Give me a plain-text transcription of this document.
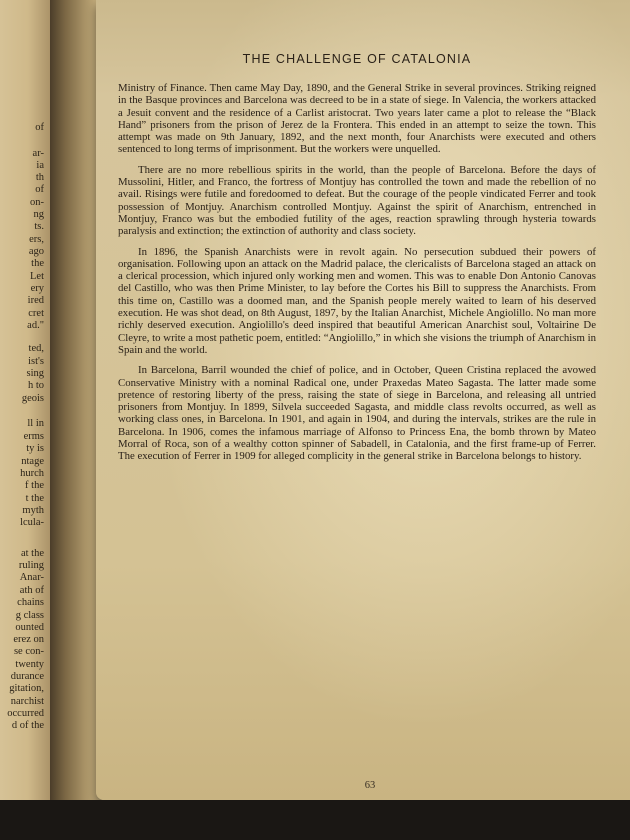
of
ar-
ia
th
of
on-
ng
ts.
ers,
ago
the
Let
ery
ired
cret
ad."
ted,
ist's
sing
h to
geois
ll in
erms
ty is
ntage
hurch
f the
t the
myth
lcula-
at the
ruling
Anar-
ath of
chains
g class
ounted
erez on
se con-
twenty
durance
gitation,
narchist
occurred
d of the
THE CHALLENGE OF CATALONIA

Ministry of Finance. Then came May Day, 1890, and the General Strike in several provinces. Striking reigned in the Basque provinces and Barcelona was decreed to be in a state of siege. In Valencia, the workers attacked a Jesuit convent and the residence of a Carlist aristocrat. Two years later came a plot to release the “Black Hand” prisoners from the prison of Jerez de la Frontera. This ended in an attempt to seize the town. This attempt was made on 9th January, 1892, and the next month, four Anarchists were executed and others sentenced to long terms of imprisonment. But the workers were unquelled.

There are no more rebellious spirits in the world, than the people of Barcelona. Before the days of Mussolini, Hitler, and Franco, the fortress of Montjuy has controlled the town and made the rebellion of no avail. Risings were futile and foredoomed to defeat. But the courage of the people vindicated Ferrer and took possession of Montjuy. Anarchism controlled Montjuy. Against the spirit of Anarchism, entrenched in Montjuy, Franco was but the embodied futility of the ages, reaction sprawling through hysteria towards paralysis and extinction; the extinction of authority and class society.

In 1896, the Spanish Anarchists were in revolt again. No persecution subdued their powers of organisation. Following upon an attack on the Madrid palace, the clericalists of Barcelona staged an attack on a clerical procession, which injured only working men and women. This was to enable Don Antonio Canovas del Castillo, who was then Prime Minister, to lay before the Cortes his Bill to suppress the Anarchists. From this time on, Castillo was a doomed man, and the Spanish people merely waited to learn of his deserved execution. He was shot dead, on 8th August, 1897, by the Italian Anarchist, Michele Angiolillo. No man more richly deserved execution. Angiolillo's deed inspired that beautiful American Anarchist soul, Voltairine De Cleyre, to write a most pathetic poem, entitled: “Angiolillo,” in which she visions the triumph of Anarchism in Spain and the world.

In Barcelona, Barril wounded the chief of police, and in October, Queen Cristina replaced the avowed Conservative Ministry with a nominal Radical one, under Praxedas Mateo Sagasta. The latter made some pretence of restoring liberty of the press, raising the state of siege in Barcelona, and releasing all untried prisoners from Montjuy. In 1899, Silvela succeeded Sagasta, and middle class revolts occurred, as well as working class ones, in Barcelona. In 1901, and again in 1904, and during the intervals, strikes are the rule in Barcelona. In 1906, comes the infamous marriage of Alfonso to Princess Ena, the bomb thrown by Mateo Morral of Roca, son of a wealthy cotton spinner of Sabadell, in Catalonia, and the first frame-up of Ferrer. The execution of Ferrer in 1909 for alleged complicity in the general strike in Barcelona belongs to history.

63
